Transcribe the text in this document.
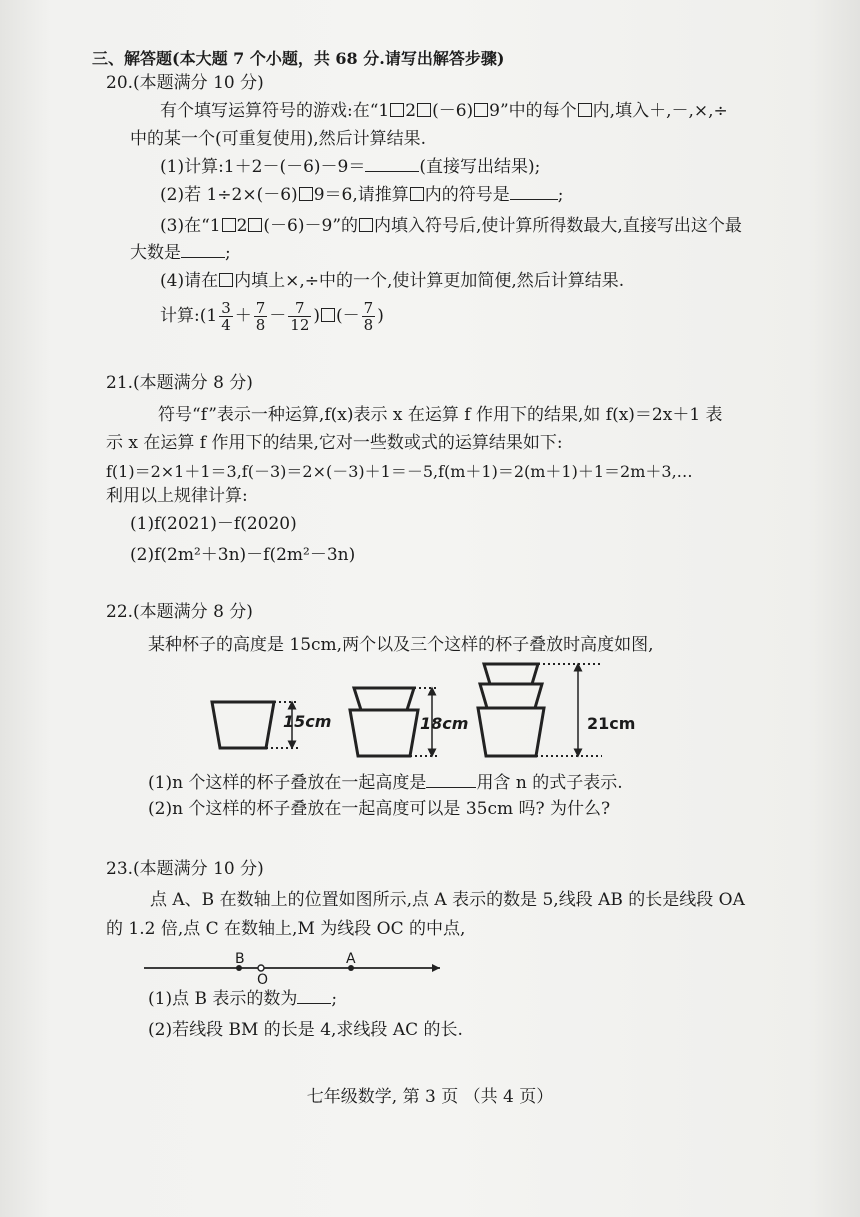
三、解答题(本大题 7 个小题，共 68 分.请写出解答步骤)
20.(本题满分 10 分)
有个填写运算符号的游戏:在“1 2 (－6) 9”中的每个 内,填入＋,－,×,÷
中的某一个(可重复使用),然后计算结果.
(1)计算:1＋2－(－6)－9＝	(直接写出结果);
(2)若 1÷2×(－6) 9＝6,请推算 内的符号是	;
(3)在“1 2 (－6)－9”的 内填入符号后,使计算所得数最大,直接写出这个最
大数是	;
(4)请在 内填上×,÷中的一个,使计算更加简便,然后计算结果.
计算:(1 $\frac{3}{4} + \frac{7}{8} - \frac{7}{12}$ ) (－ $\frac{7}{8}$ )
21.(本题满分 8 分)
符号“f”表示一种运算,f(x)表示 x 在运算 f 作用下的结果,如 f(x)＝2x＋1 表
示 x 在运算 f 作用下的结果,它对一些数或式的运算结果如下:
f(1)＝2×1＋1＝3,f(－3)＝2×(－3)＋1＝－5,f(m＋1)＝2(m＋1)＋1＝2m＋3,…
利用以上规律计算:
(1)f(2021)－f(2020)
(2)f(2m²＋3n)－f(2m²－3n)
22.(本题满分 8 分)
某种杯子的高度是 15cm,两个以及三个这样的杯子叠放时高度如图,
15cm	18cm	21cm
(1)n 个这样的杯子叠放在一起高度是	用含 n 的式子表示.
(2)n 个这样的杯子叠放在一起高度可以是 35cm 吗? 为什么?
23.(本题满分 10 分)
点 A、B 在数轴上的位置如图所示,点 A 表示的数是 5,线段 AB 的长是线段 OA
的 1.2 倍,点 C 在数轴上,M 为线段 OC 的中点,
B
O
A
(1)点 B 表示的数为 ;
(2)若线段 BM 的长是 4,求线段 AC 的长.
七年级数学, 第 3 页 （共 4 页）
